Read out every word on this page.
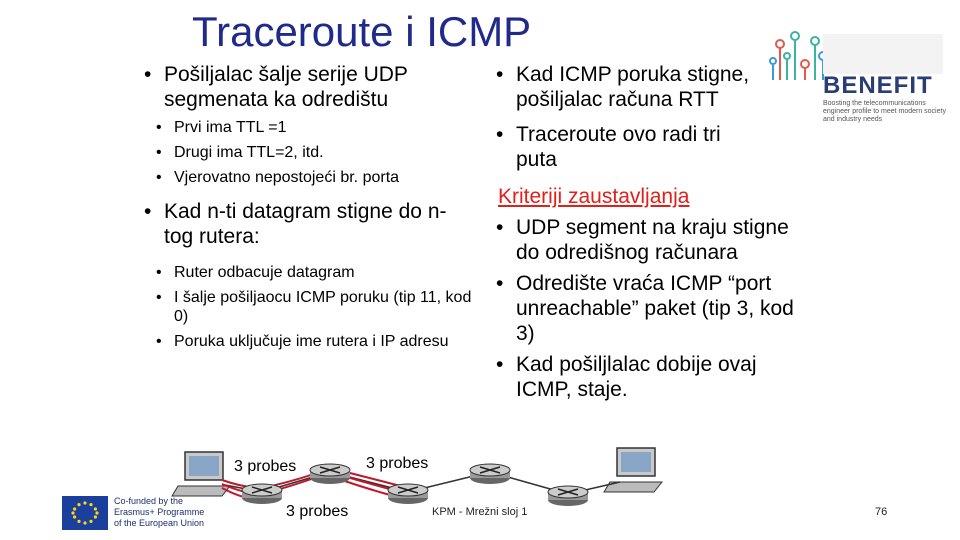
Traceroute i ICMP
BENEFIT
Boosting the telecommunications engineer profile to meet modern society and industry needs
• Pošiljalac šalje serije UDP segmenata ka odredištu
• Prvi ima TTL =1
• Drugi ima TTL=2, itd.
• Vjerovatno nepostojeći br. porta
• Kad n-ti datagram stigne do n-tog rutera:
• Ruter odbacuje datagram
• I šalje pošiljaocu ICMP poruku (tip 11, kod 0)
• Poruka uključuje ime rutera i IP adresu
• Kad ICMP poruka stigne, pošiljalac računa RTT
• Traceroute ovo radi tri puta
Kriteriji zaustavljanja
• UDP segment na kraju stigne do odredišnog računara
• Odredište vraća ICMP “port unreachable” paket (tip 3, kod 3)
• Kad pošiljlalac dobije ovaj ICMP, staje.
3 probes	3 probes
3 probes
Co-funded by the Erasmus+ Programme of the European Union
KPM - Mrežni sloj 1	76
